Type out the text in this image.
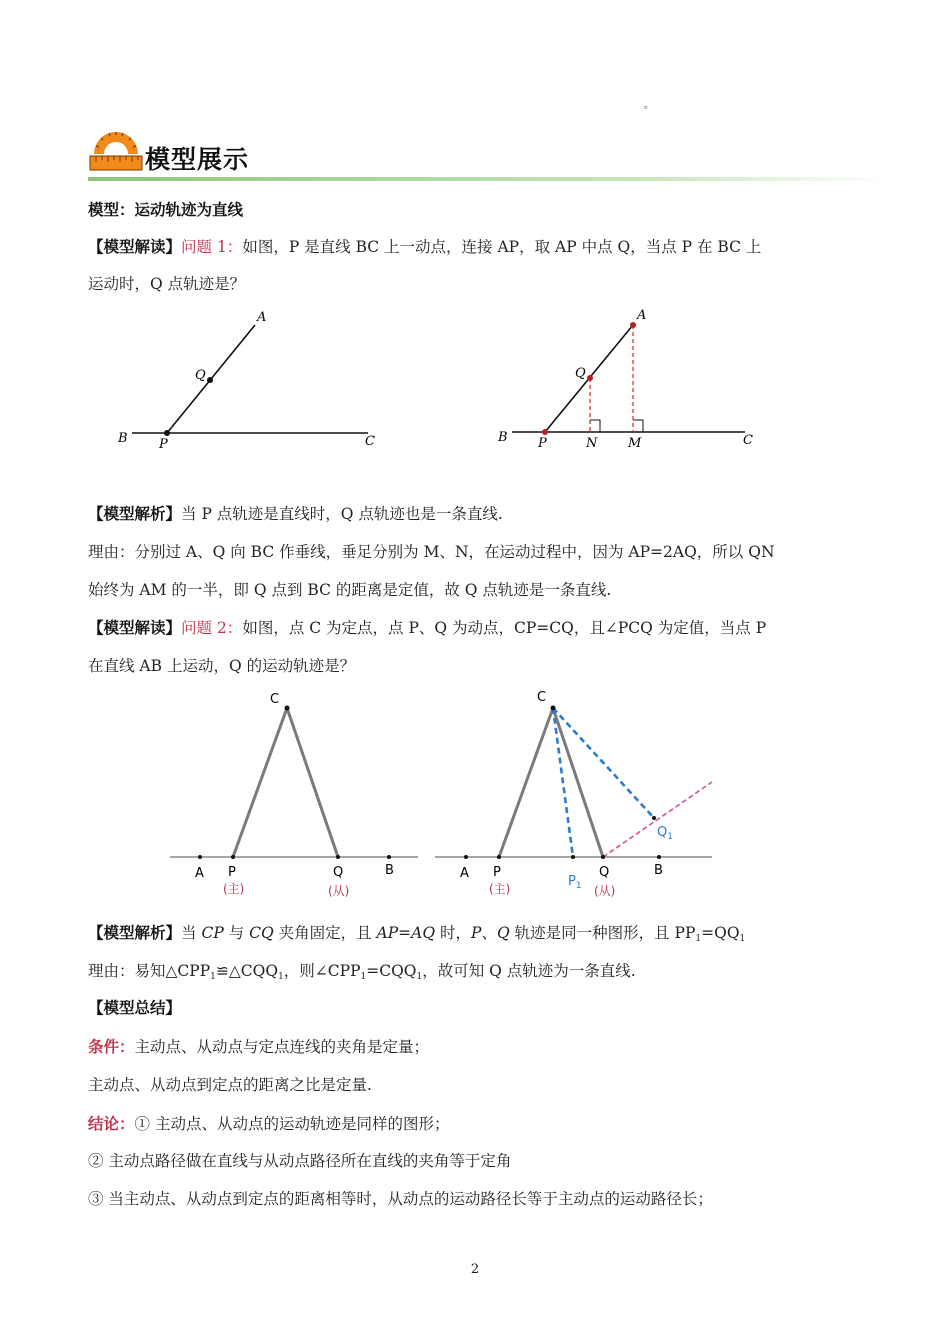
。
模型展示
模型：运动轨迹为直线
【模型解读】问题 1：如图，P 是直线 BC 上一动点，连接 AP，取 AP 中点 Q，当点 P 在 BC 上
运动时，Q 点轨迹是？
A
Q
B P	C
A
Q
B P	N M	C
【模型解析】当 P 点轨迹是直线时，Q 点轨迹也是一条直线.
理由：分别过 A、Q 向 BC 作垂线，垂足分别为 M、N，在运动过程中，因为 AP=2AQ，所以 QN
始终为 AM 的一半，即 Q 点到 BC 的距离是定值，故 Q 点轨迹是一条直线.
【模型解读】问题 2：如图，点 C 为定点，点 P、Q 为动点，CP=CQ，且∠PCQ 为定值，当点 P
在直线 AB 上运动，Q 的运动轨迹是？
C
A P	Q	B
(主)	(从)
C
A P
$P_1$
Q
$Q_1$
B
(主)	(从)
【模型解析】当 CP 与 CQ 夹角固定，且 AP=AQ 时，P、Q 轨迹是同一种图形，且 $PP_1=QQ_1$
理由：易知$\triangle CPP_1≌\triangle CQQ_1$，则$\angle CPP_1=CQQ_1$，故可知 Q 点轨迹为一条直线.
【模型总结】
条件：主动点、从动点与定点连线的夹角是定量；
主动点、从动点到定点的距离之比是定量.
结论：① 主动点、从动点的运动轨迹是同样的图形；
② 主动点路径做在直线与从动点路径所在直线的夹角等于定角
③ 当主动点、从动点到定点的距离相等时，从动点的运动路径长等于主动点的运动路径长；
2
